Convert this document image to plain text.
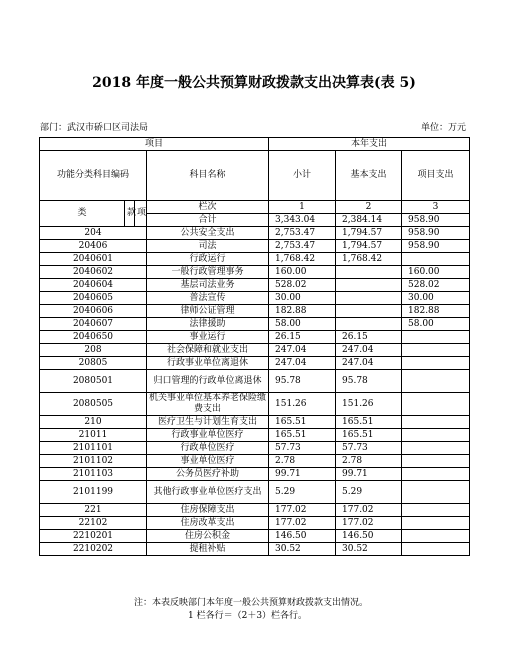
2018 年度一般公共预算财政拨款支出决算表(表 5)
部门：武汉市硚口区司法局	单位：万元
项目				本年支出		
功能分类科目编码			科目名称	小计	基本支出	项目支出
类	款	项	栏次	1	2	3
			合计	3,343.04	2,384.14	958.90
204			公共安全支出	2,753.47	1,794.57	958.90
20406			司法	2,753.47	1,794.57	958.90
2040601			行政运行	1,768.42	1,768.42	
2040602			一般行政管理事务	160.00		160.00
2040604			基层司法业务	528.02		528.02
2040605			普法宣传	30.00		30.00
2040606			律师公证管理	182.88		182.88
2040607			法律援助	58.00		58.00
2040650			事业运行	26.15	26.15	
208			社会保障和就业支出	247.04	247.04	
20805			行政事业单位离退休	247.04	247.04	
2080501			归口管理的行政单位离退休	95.78	95.78	
2080505			机关事业单位基本养老保险缴费支出	151.26	151.26	
210			医疗卫生与计划生育支出	165.51	165.51	
21011			行政事业单位医疗	165.51	165.51	
2101101			行政单位医疗	57.73	57.73	
2101102			事业单位医疗	2.78	2.78	
2101103			公务员医疗补助	99.71	99.71	
2101199			其他行政事业单位医疗支出	5.29	5.29	
221			住房保障支出	177.02	177.02	
22102			住房改革支出	177.02	177.02	
2210201			住房公积金	146.50	146.50	
2210202			提租补贴	30.52	30.52	
注：本表反映部门本年度一般公共预算财政拨款支出情况。
1 栏各行＝（2＋3）栏各行。
